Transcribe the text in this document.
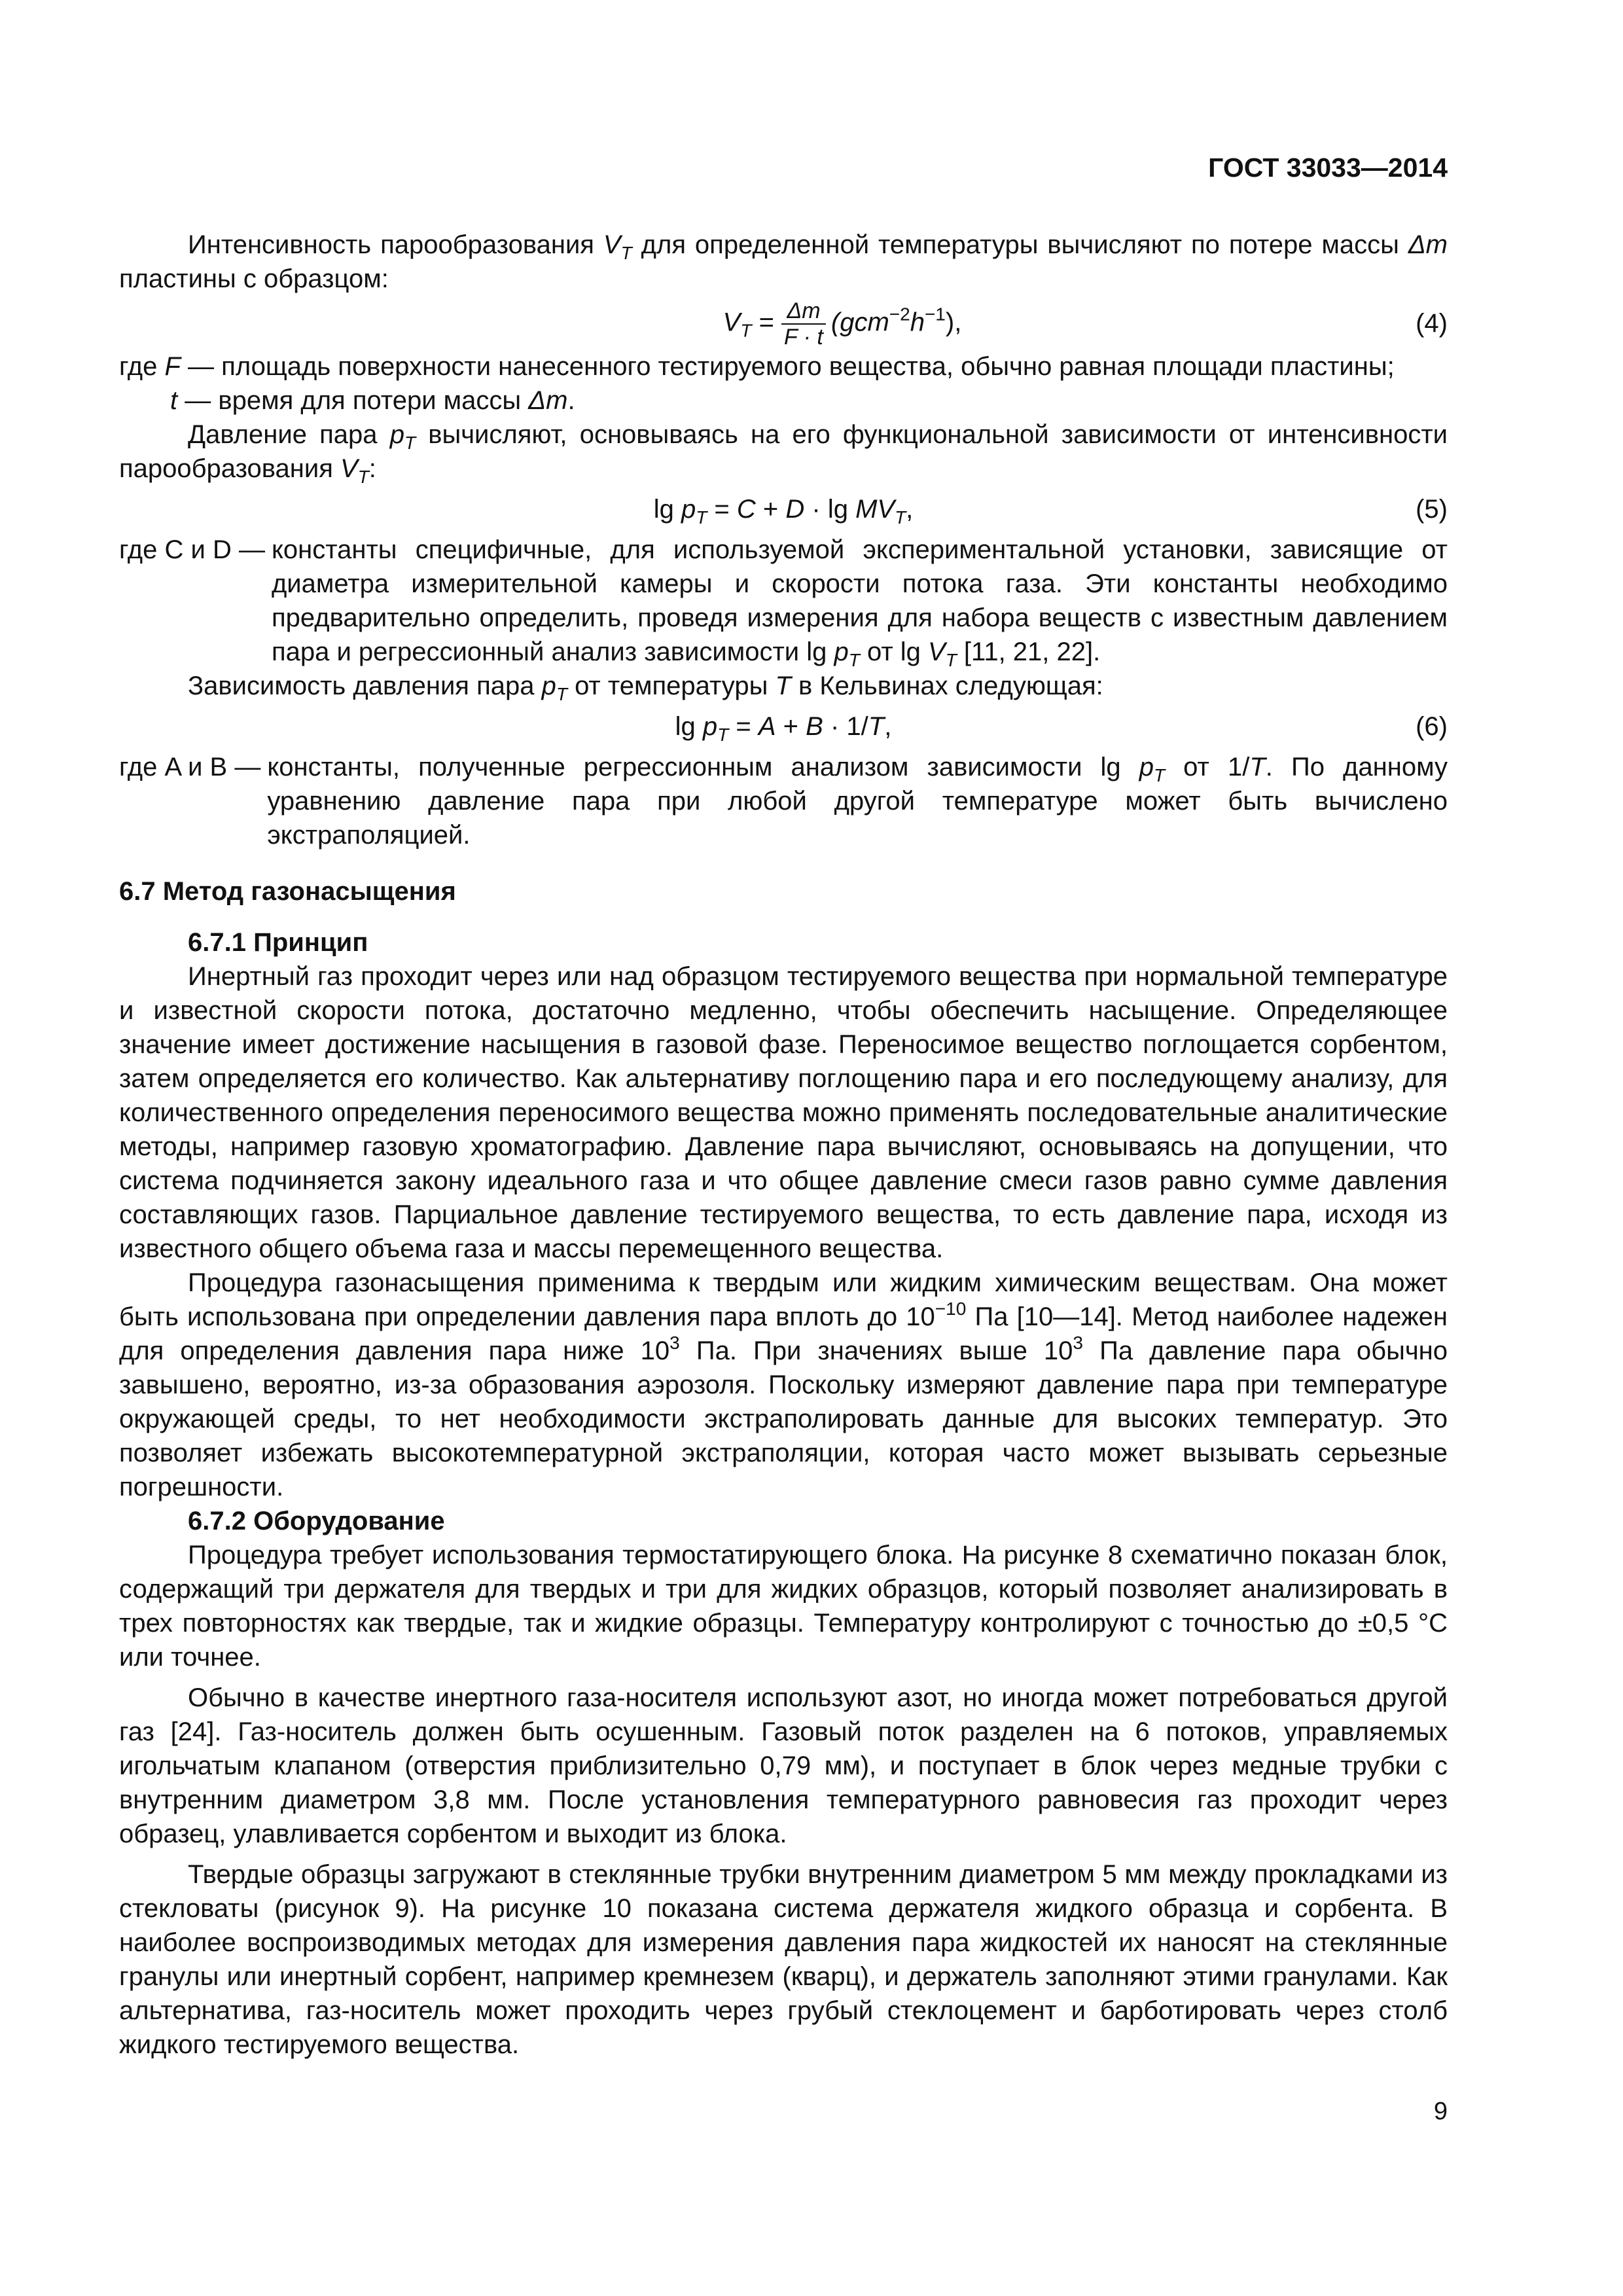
ГОСТ 33033—2014

Интенсивность парообразования $V_T$ для определенной температуры вычисляют по потере массы Δm пластины с образцом:

$V_T = \frac{\Delta m}{F \cdot t} (gcm^{-2}h^{-1})$,	(4)

где F — площадь поверхности нанесенного тестируемого вещества, обычно равная площади пластины;

t — время для потери массы Δm.

Давление пара $p_T$ вычисляют, основываясь на его функциональной зависимости от интенсивности парообразования $V_T$:

$\lg p_T = C + D \cdot \lg MV_T$,	(5)
где C и D — константы специфичные, для используемой экспериментальной установки, зависящие от диаметра измерительной камеры и скорости потока газа. Эти константы необходимо предварительно определить, проведя измерения для набора веществ с известным давлением пара и регрессионный анализ зависимости $\lg p_T$ от $\lg V_T$ [11, 21, 22].

Зависимость давления пара $p_T$ от температуры T в Кельвинах следующая:

$\lg p_T = A + B \cdot 1/T$,	(6)
где A и B — константы, полученные регрессионным анализом зависимости $\lg p_T$ от 1/T. По данному уравнению давление пара при любой другой температуре может быть вычислено экстраполяцией.
6.7 Метод газонасыщения
6.7.1 Принцип

Инертный газ проходит через или над образцом тестируемого вещества при нормальной температуре и известной скорости потока, достаточно медленно, чтобы обеспечить насыщение. Определяющее значение имеет достижение насыщения в газовой фазе. Переносимое вещество поглощается сорбентом, затем определяется его количество. Как альтернативу поглощению пара и его последующему анализу, для количественного определения переносимого вещества можно применять последовательные аналитические методы, например газовую хроматографию. Давление пара вычисляют, основываясь на допущении, что система подчиняется закону идеального газа и что общее давление смеси газов равно сумме давления составляющих газов. Парциальное давление тестируемого вещества, то есть давление пара, исходя из известного общего объема газа и массы перемещенного вещества.

Процедура газонасыщения применима к твердым или жидким химическим веществам. Она может быть использована при определении давления пара вплоть до $10^{-10}$ Па [10—14]. Метод наиболее надежен для определения давления пара ниже $10^3$ Па. При значениях выше $10^3$ Па давление пара обычно завышено, вероятно, из-за образования аэрозоля. Поскольку измеряют давление пара при температуре окружающей среды, то нет необходимости экстраполировать данные для высоких температур. Это позволяет избежать высокотемпературной экстраполяции, которая часто может вызывать серьезные погрешности.

6.7.2 Оборудование

Процедура требует использования термостатирующего блока. На рисунке 8 схематично показан блок, содержащий три держателя для твердых и три для жидких образцов, который позволяет анализировать в трех повторностях как твердые, так и жидкие образцы. Температуру контролируют с точностью до ±0,5 °С или точнее.

Обычно в качестве инертного газа-носителя используют азот, но иногда может потребоваться другой газ [24]. Газ-носитель должен быть осушенным. Газовый поток разделен на 6 потоков, управляемых игольчатым клапаном (отверстия приблизительно 0,79 мм), и поступает в блок через медные трубки с внутренним диаметром 3,8 мм. После установления температурного равновесия газ проходит через образец, улавливается сорбентом и выходит из блока.

Твердые образцы загружают в стеклянные трубки внутренним диаметром 5 мм между прокладками из стекловаты (рисунок 9). На рисунке 10 показана система держателя жидкого образца и сорбента. В наиболее воспроизводимых методах для измерения давления пара жидкостей их наносят на стеклянные гранулы или инертный сорбент, например кремнезем (кварц), и держатель заполняют этими гранулами. Как альтернатива, газ-носитель может проходить через грубый стеклоцемент и барботировать через столб жидкого тестируемого вещества.

9
